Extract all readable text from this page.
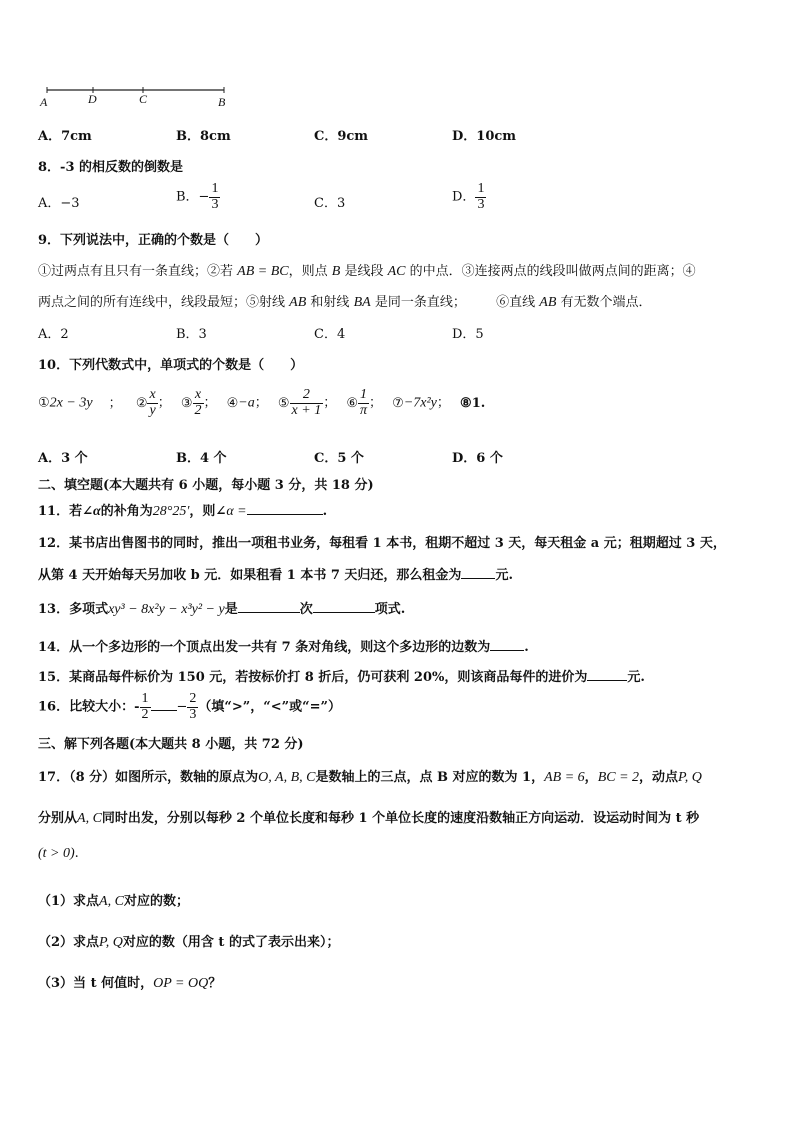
A	D	C	B
A．7cm	B．8cm	C．9cm	D．10cm
8．-3 的相反数的倒数是
A．−3	B．− $\frac{1}{3}$	C．3	D． $\frac{1}{3}$
9．下列说法中，正确的个数是（　　）
①过两点有且只有一条直线；②若 AB = BC，则点 B 是线段 AC 的中点．③连接两点的线段叫做两点间的距离；④
两点之间的所有连线中，线段最短；⑤射线 AB 和射线 BA 是同一条直线； ⑥直线 AB 有无数个端点．
A．2	B．3	C．4	D．5
10．下列代数式中，单项式的个数是（　　）
①2x − 3y ； ② $\frac{x}{y}$ ； ③ $\frac{x}{2}$ ； ④−a； ⑤ $\frac{2}{x + 1}$ ； ⑥ $\frac{1}{\pi}$ ； ⑦−7x²y； ⑧1.
A．3 个	B．4 个	C．5 个	D．6 个
二、填空题(本大题共有 6 小题，每小题 3 分，共 18 分)
11．若∠α的补角为28°25′，则∠α =	.
12．某书店出售图书的同时，推出一项租书业务，每租看 1 本书，租期不超过 3 天，每天租金 a 元；租期超过 3 天，
从第 4 天开始每天另加收 b 元．如果租看 1 本书 7 天归还，那么租金为	元.
13．多项式xy³ − 8x²y − x³y² − y是	次	项式.
14．从一个多边形的一个顶点出发一共有 7 条对角线，则这个多边形的边数为	.
15．某商品每件标价为 150 元，若按标价打 8 折后，仍可获利 20%，则该商品每件的进价为	元.
16．比较大小：- $\frac{1}{2} - \frac{2}{3}$ （填“>”，“<”或“=”）
三、解下列各题(本大题共 8 小题，共 72 分)
17．（8 分）如图所示，数轴的原点为O, A, B, C是数轴上的三点，点 B 对应的数为 1，AB = 6，BC = 2，动点P, Q
分别从A, C同时出发，分别以每秒 2 个单位长度和每秒 1 个单位长度的速度沿数轴正方向运动．设运动时间为 t 秒
(t > 0).
（1）求点A, C对应的数；
（2）求点P, Q对应的数（用含 t 的式了表示出来）；
（3）当 t 何值时，OP = OQ？
